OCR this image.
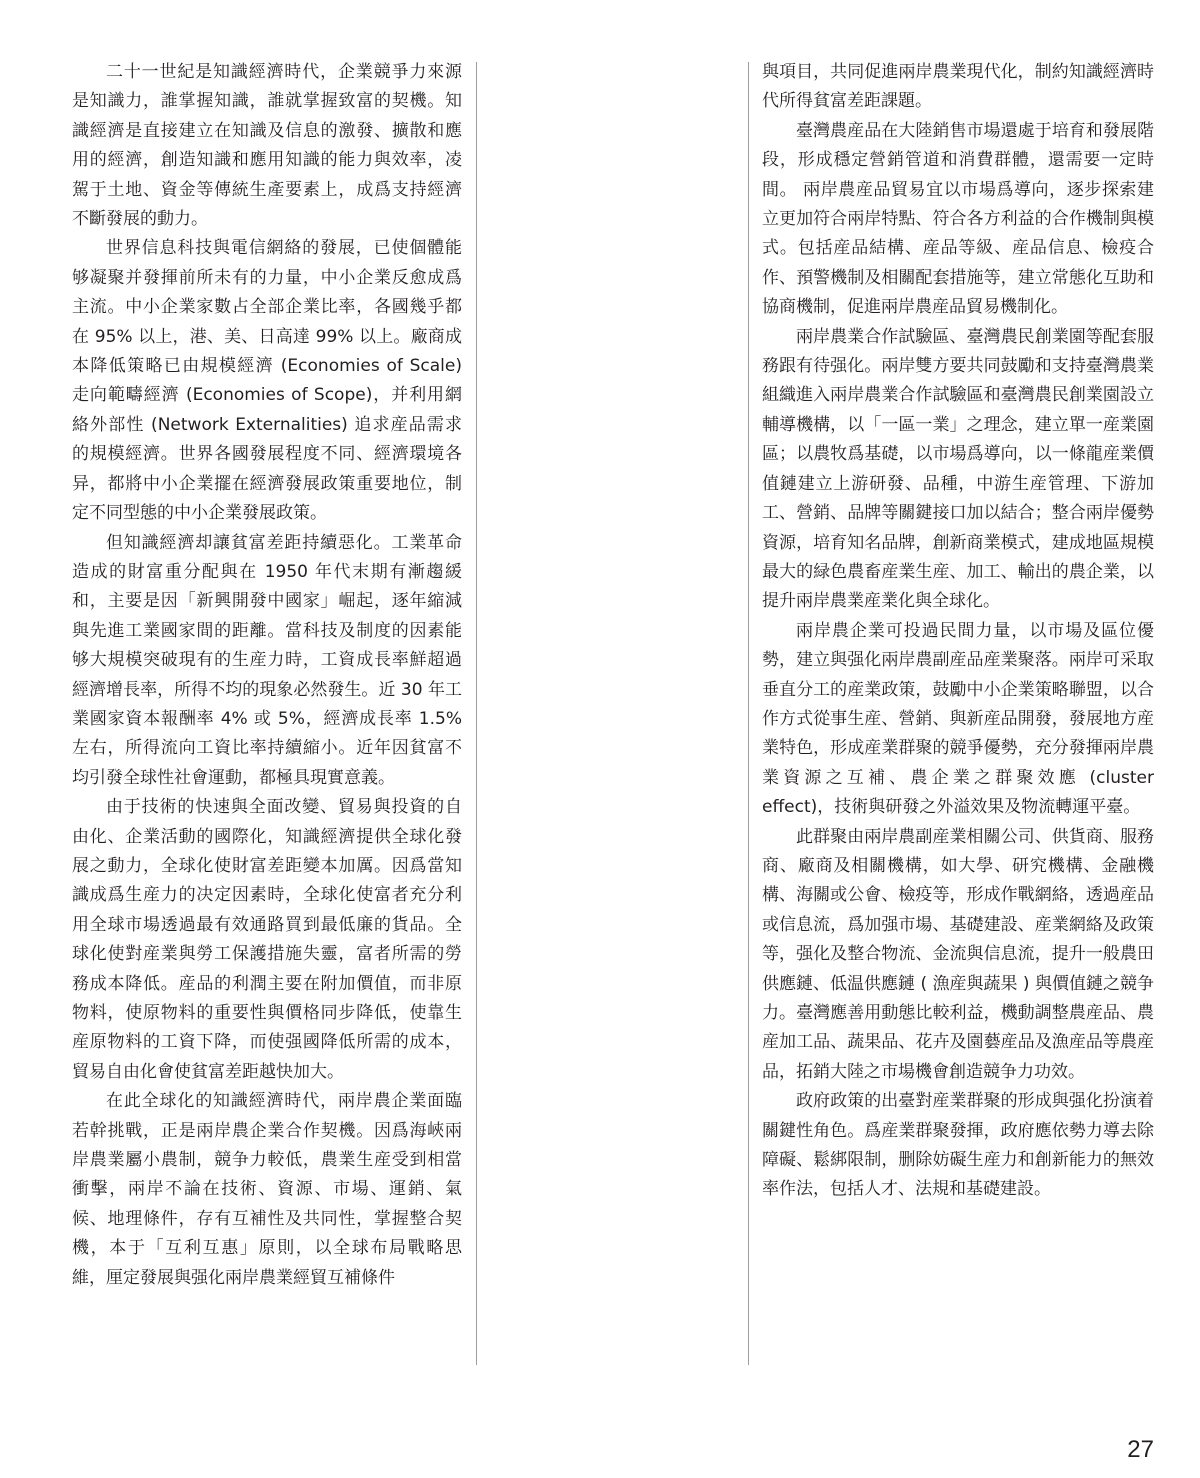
二十一世紀是知識經濟時代，企業競爭力來源是知識力，誰掌握知識，誰就掌握致富的契機。知識經濟是直接建立在知識及信息的激發、擴散和應用的經濟，創造知識和應用知識的能力與效率，凌駕于土地、資金等傳統生產要素上，成爲支持經濟不斷發展的動力。

世界信息科技與電信網絡的發展，已使個體能够凝聚并發揮前所未有的力量，中小企業反愈成爲主流。中小企業家數占全部企業比率，各國幾乎都在 95% 以上，港、美、日高達 99% 以上。廠商成本降低策略已由規模經濟 (Economies of Scale) 走向範疇經濟 (Economies of Scope)，并利用網絡外部性 (Network Externalities) 追求産品需求的規模經濟。世界各國發展程度不同、經濟環境各异，都將中小企業擺在經濟發展政策重要地位，制定不同型態的中小企業發展政策。

但知識經濟却讓貧富差距持續惡化。工業革命造成的財富重分配與在 1950 年代末期有漸趨緩和，主要是因「新興開發中國家」崛起，逐年縮減與先進工業國家間的距離。當科技及制度的因素能够大規模突破現有的生産力時，工資成長率鮮超過經濟增長率，所得不均的現象必然發生。近 30 年工業國家資本報酬率 4% 或 5%，經濟成長率 1.5% 左右，所得流向工資比率持續縮小。近年因貧富不均引發全球性社會運動，都極具現實意義。

由于技術的快速與全面改變、貿易與投資的自由化、企業活動的國際化，知識經濟提供全球化發展之動力，全球化使財富差距變本加厲。因爲當知識成爲生産力的决定因素時，全球化使富者充分利用全球市場透過最有效通路買到最低廉的貨品。全球化使對産業與勞工保護措施失靈，富者所需的勞務成本降低。産品的利潤主要在附加價值，而非原物料，使原物料的重要性與價格同步降低，使靠生産原物料的工資下降，而使强國降低所需的成本，貿易自由化會使貧富差距越快加大。

在此全球化的知識經濟時代，兩岸農企業面臨若幹挑戰，正是兩岸農企業合作契機。因爲海峽兩岸農業屬小農制，競争力較低，農業生産受到相當衝擊，兩岸不論在技術、資源、市場、運銷、氣候、地理條件，存有互補性及共同性，掌握整合契機，本于「互利互惠」原則，以全球布局戰略思維，厘定發展與强化兩岸農業經貿互補條件

與項目，共同促進兩岸農業現代化，制約知識經濟時代所得貧富差距課題。

臺灣農産品在大陸銷售市場還處于培育和發展階段，形成穩定營銷管道和消費群體，還需要一定時間。 兩岸農産品貿易宜以市場爲導向，逐步探索建立更加符合兩岸特點、符合各方利益的合作機制與模式。包括産品結構、産品等級、産品信息、檢疫合作、預警機制及相關配套措施等，建立常態化互助和協商機制，促進兩岸農産品貿易機制化。

兩岸農業合作試驗區、臺灣農民創業園等配套服務跟有待强化。兩岸雙方要共同鼓勵和支持臺灣農業組織進入兩岸農業合作試驗區和臺灣農民創業園設立輔導機構，以「一區一業」之理念，建立單一産業園區；以農牧爲基礎，以市場爲導向，以一條龍産業價值鏈建立上游研發、品種，中游生産管理、下游加工、營銷、品牌等關鍵接口加以結合；整合兩岸優勢資源，培育知名品牌，創新商業模式，建成地區規模最大的緑色農畜産業生産、加工、輸出的農企業，以提升兩岸農業産業化與全球化。

兩岸農企業可投過民間力量，以市場及區位優勢，建立與强化兩岸農副産品産業聚落。兩岸可采取垂直分工的産業政策，鼓勵中小企業策略聯盟，以合作方式從事生産、營銷、與新産品開發，發展地方産業特色，形成産業群聚的競爭優勢，充分發揮兩岸農業資源之互補、農企業之群聚效應 (cluster effect)，技術與研發之外溢效果及物流轉運平臺。

此群聚由兩岸農副産業相關公司、供貨商、服務商、廠商及相關機構，如大學、研究機構、金融機構、海關或公會、檢疫等，形成作戰網絡，透過産品或信息流，爲加强市場、基礎建設、産業網絡及政策等，强化及整合物流、金流與信息流，提升一般農田供應鏈、低温供應鏈 ( 漁産與蔬果 ) 與價值鏈之競争力。臺灣應善用動態比較利益，機動調整農産品、農産加工品、蔬果品、花卉及園藝産品及漁産品等農産品，拓銷大陸之市場機會創造競争力功效。

政府政策的出臺對産業群聚的形成與强化扮演着關鍵性角色。爲産業群聚發揮，政府應依勢力導去除障礙、鬆綁限制，删除妨礙生産力和創新能力的無效率作法，包括人才、法規和基礎建設。

27
